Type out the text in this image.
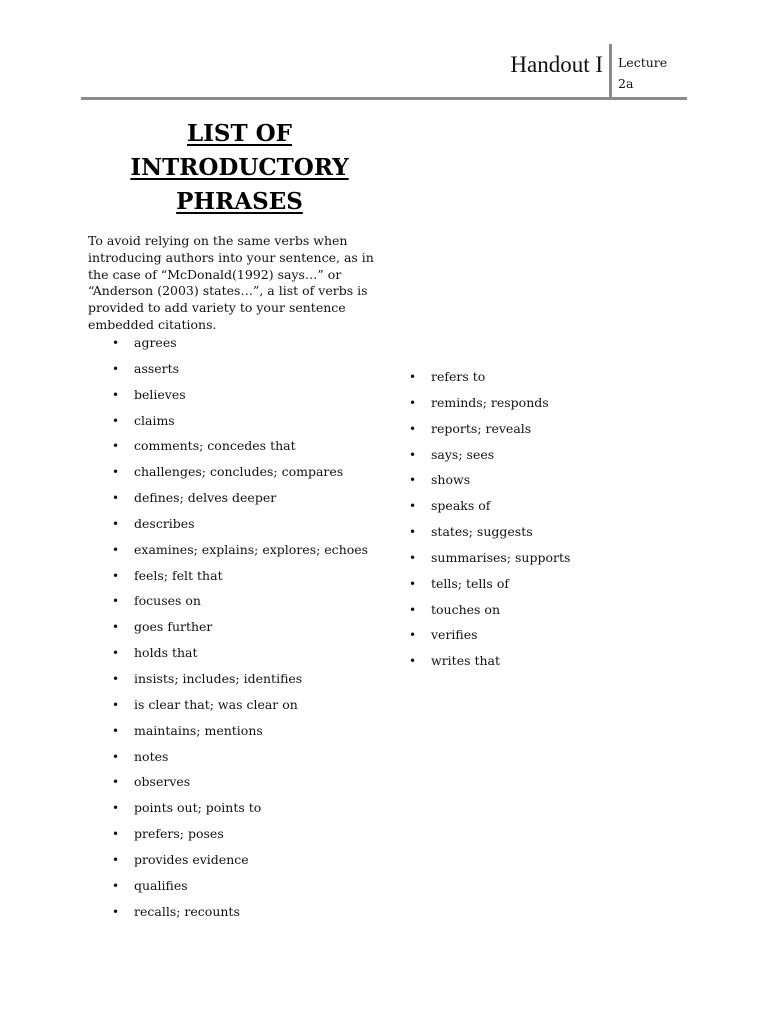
Handout I Lecture 2a
LIST OF
INTRODUCTORY
PHRASES

To avoid relying on the same verbs when introducing authors into your sentence, as in the case of “McDonald(1992) says…” or “Anderson (2003) states…”, a list of verbs is provided to add variety to your sentence embedded citations.

• agrees
• asserts
• believes
• claims
• comments; concedes that
• challenges; concludes; compares
• defines; delves deeper
• describes
• examines; explains; explores; echoes
• feels; felt that
• focuses on
• goes further
• holds that
• insists; includes; identifies
• is clear that; was clear on
• maintains; mentions
• notes
• observes
• points out; points to
• prefers; poses
• provides evidence
• qualifies
• recalls; recounts
• refers to
• reminds; responds
• reports; reveals
• says; sees
• shows
• speaks of
• states; suggests
• summarises; supports
• tells; tells of
• touches on
• verifies
• writes that
